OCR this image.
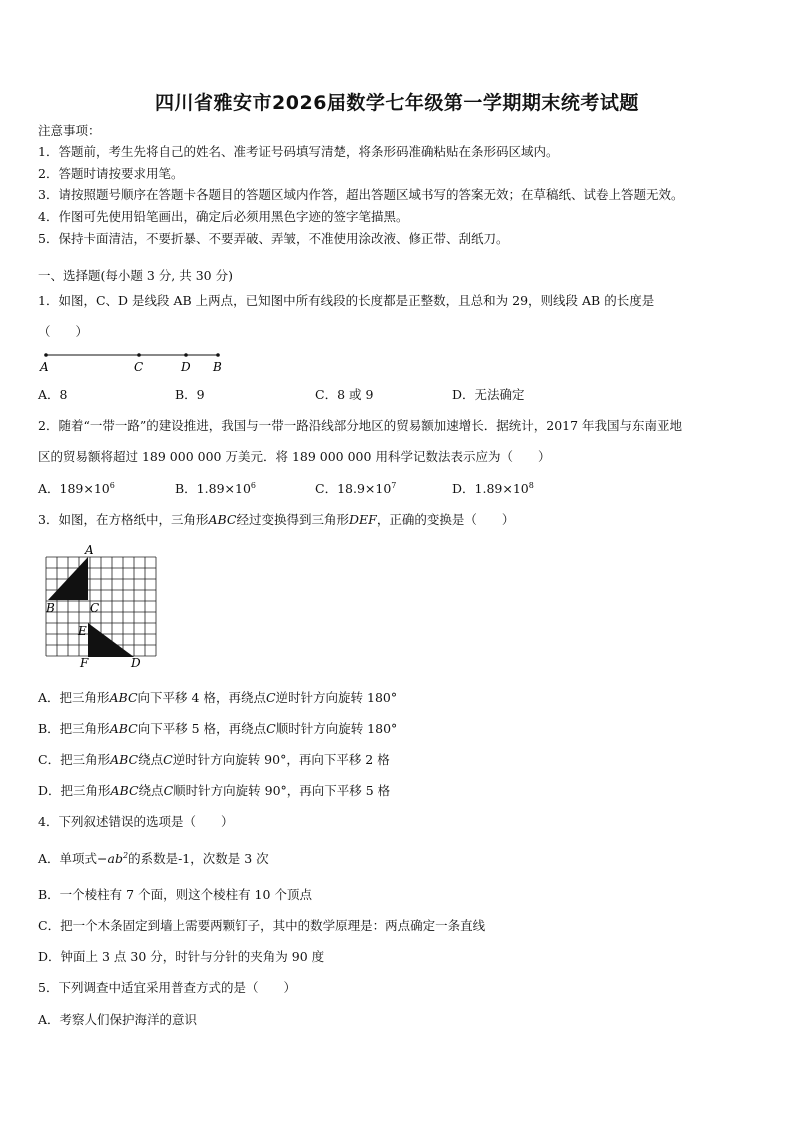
四川省雅安市2026届数学七年级第一学期期末统考试题
注意事项：
1．答题前，考生先将自己的姓名、准考证号码填写清楚，将条形码准确粘贴在条形码区域内。
2．答题时请按要求用笔。
3．请按照题号顺序在答题卡各题目的答题区域内作答，超出答题区域书写的答案无效；在草稿纸、试卷上答题无效。
4．作图可先使用铅笔画出，确定后必须用黑色字迹的签字笔描黑。
5．保持卡面清洁，不要折暴、不要弄破、弄皱，不准使用涂改液、修正带、刮纸刀。
一、选择题(每小题 3 分, 共 30 分)
1．如图，C、D 是线段 AB 上两点，已知图中所有线段的长度都是正整数，且总和为 29，则线段 AB 的长度是
（　　）
A	C	D B
A．8	B．9	C．8 或 9	D．无法确定
2．随着“一带一路”的建设推进，我国与一带一路沿线部分地区的贸易额加速增长．据统计，2017 年我国与东南亚地
区的贸易额将超过 189 000 000 万美元．将 189 000 000 用科学记数法表示应为（　　）
A．$189\times 10^6$	B．$1.89\times 10^6$	C．$18.9\times 10^7$	D．$1.89\times 10^8$
3．如图，在方格纸中，三角形ABC经过变换得到三角形DEF，正确的变换是（　　）
A
B	C
E
F	D
A．把三角形ABC向下平移 4 格，再绕点C逆时针方向旋转 180°
B．把三角形ABC向下平移 5 格，再绕点C顺时针方向旋转 180°
C．把三角形ABC绕点C逆时针方向旋转 90°，再向下平移 2 格
D．把三角形ABC绕点C顺时针方向旋转 90°，再向下平移 5 格
4．下列叙述错误的选项是（　　）
A．单项式$-ab^2$的系数是-1，次数是 3 次
B．一个棱柱有 7 个面，则这个棱柱有 10 个顶点
C．把一个木条固定到墙上需要两颗钉子，其中的数学原理是：两点确定一条直线
D．钟面上 3 点 30 分，时针与分针的夹角为 90 度
5．下列调查中适宜采用普查方式的是（　　）
A．考察人们保护海洋的意识
